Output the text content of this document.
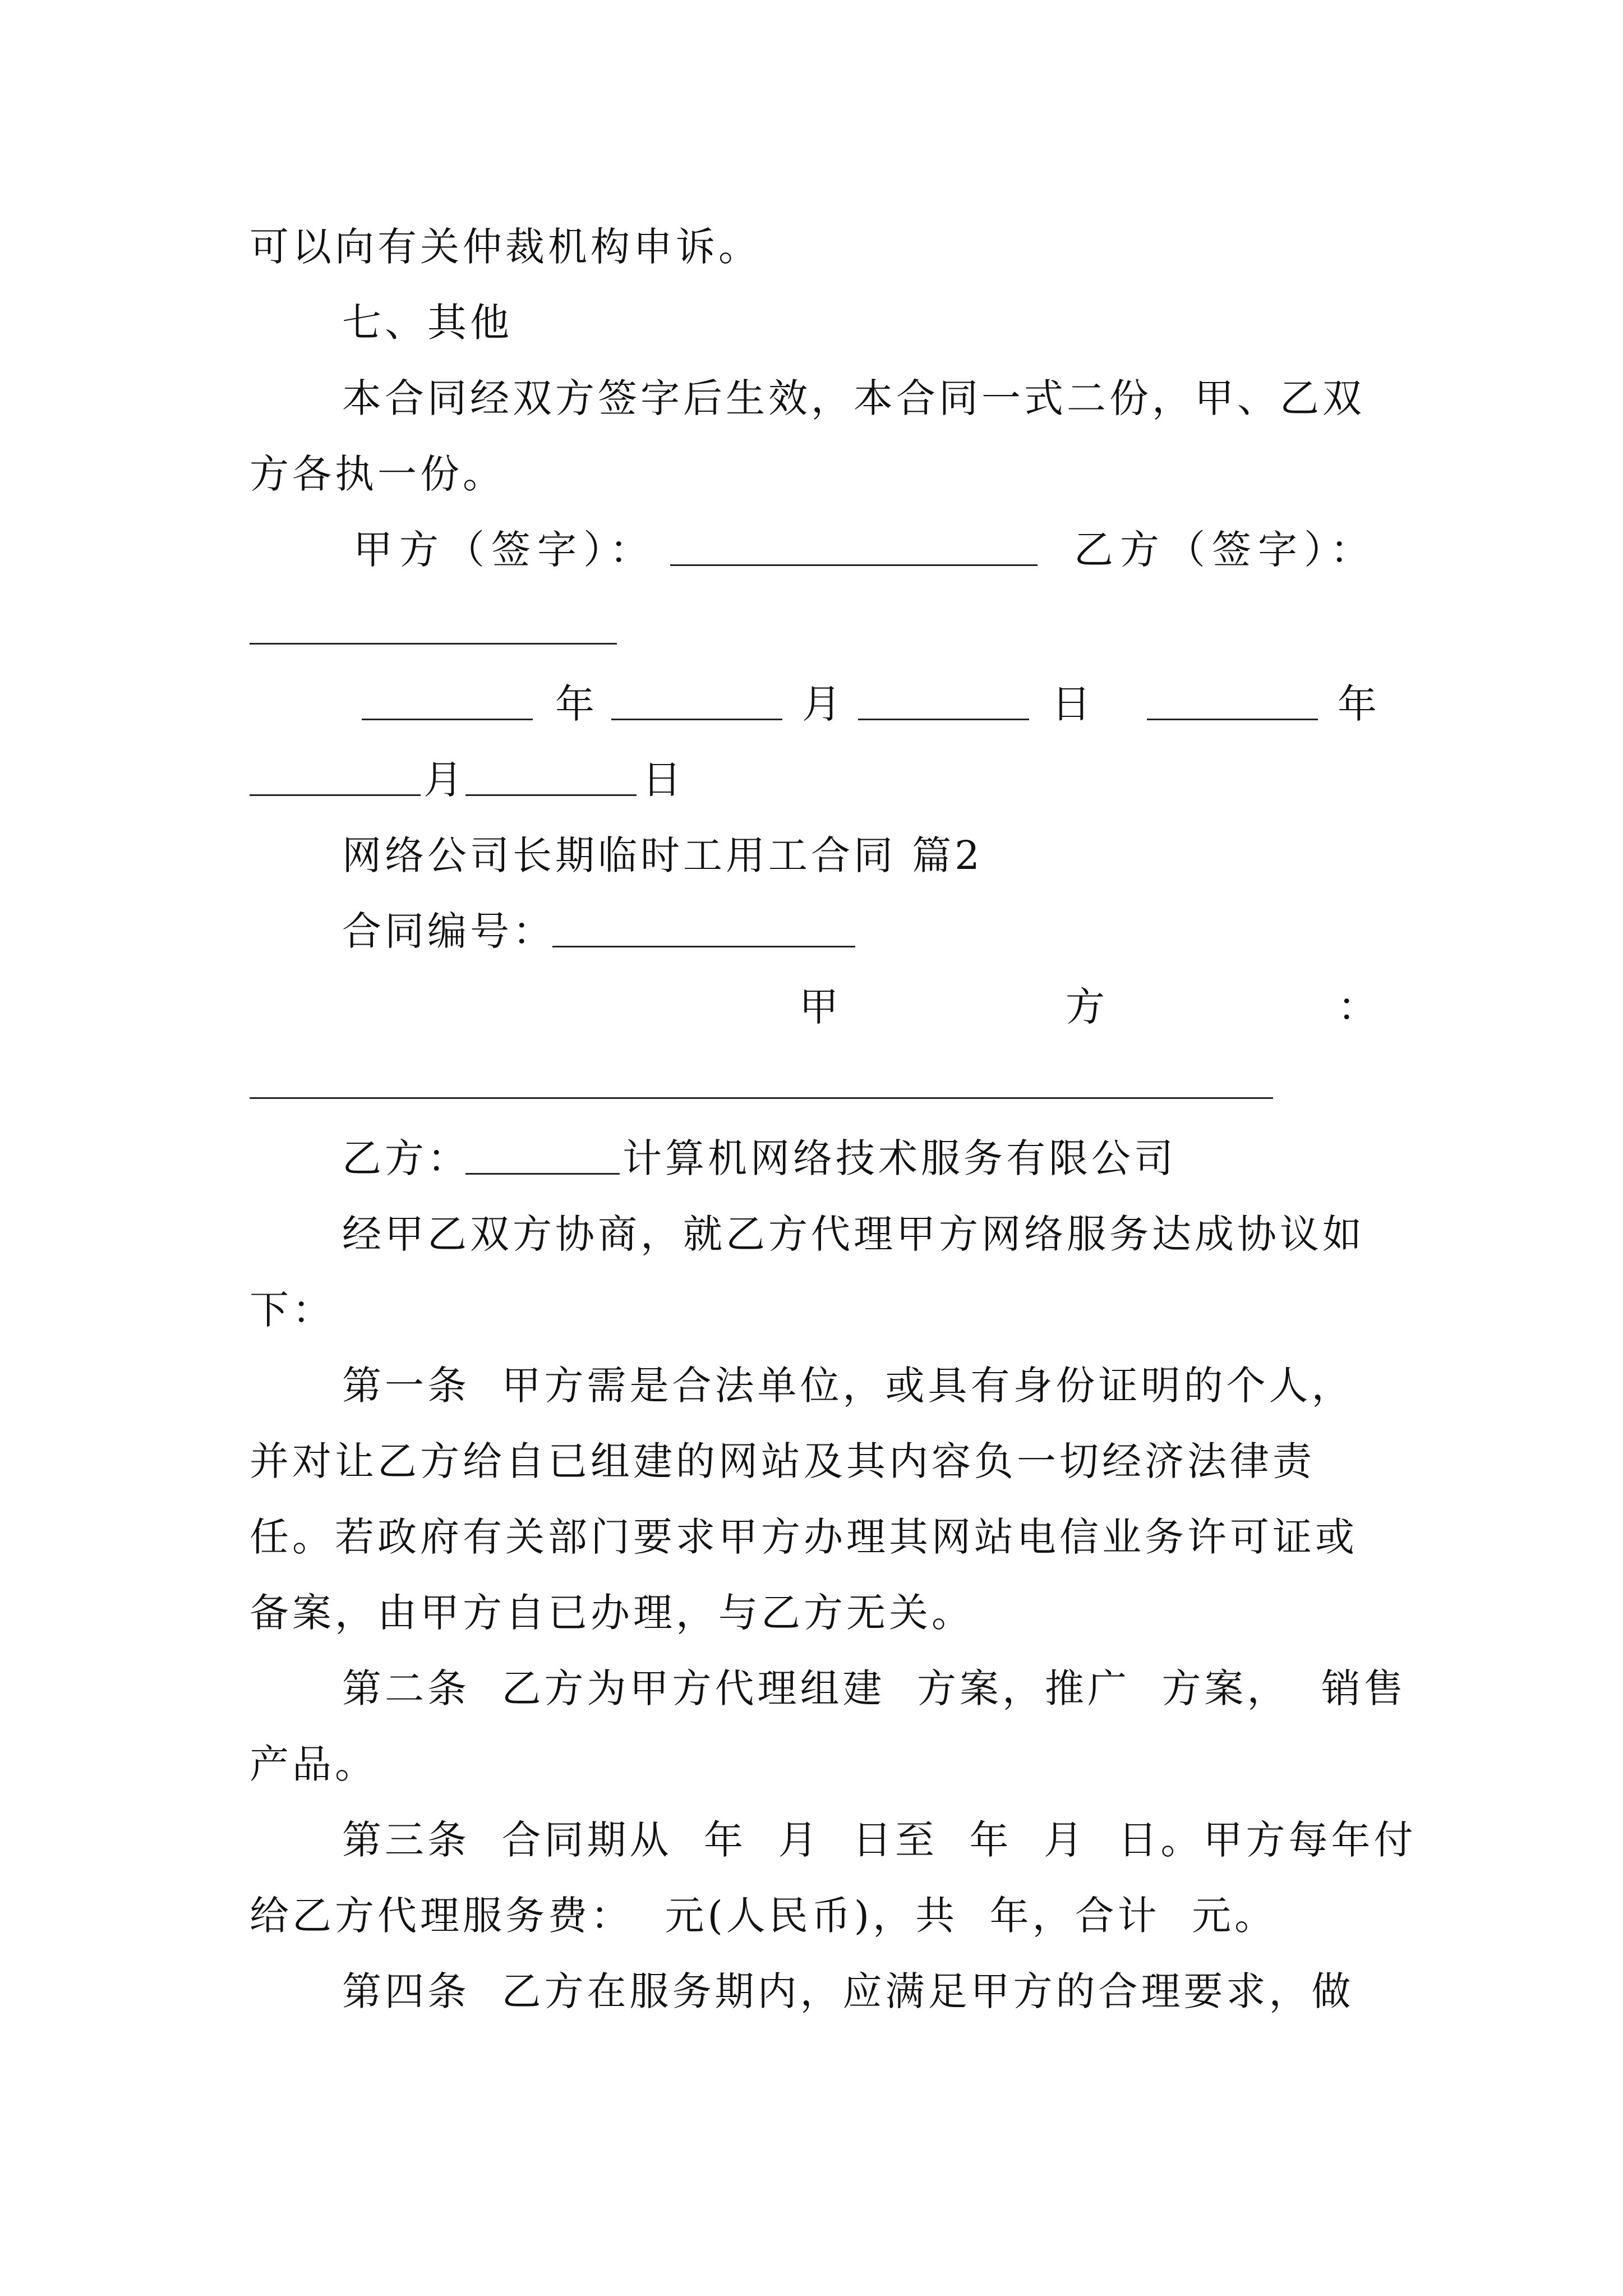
可以向有关仲裁机构申诉。
七、其他
本合同经双方签字后生效，本合同一式二份，甲、乙双
方各执一份。
甲方（签字）：	乙方（签字）：
年	月	日	年
月	日
网络公司长期临时工用工合同 篇2
合同编号：
甲	方	：
乙方：	计算机网络技术服务有限公司
经甲乙双方协商，就乙方代理甲方网络服务达成协议如
下：
第一条  甲方需是合法单位，或具有身份证明的个人，
并对让乙方给自已组建的网站及其内容负一切经济法律责
任。若政府有关部门要求甲方办理其网站电信业务许可证或
备案，由甲方自已办理，与乙方无关。
第二条  乙方为甲方代理组建  方案，推广  方案，  销售
产品。
第三条  合同期从  年  月  日至  年  月  日。甲方每年付
给乙方代理服务费：  元(人民币)，共  年，合计  元。
第四条  乙方在服务期内，应满足甲方的合理要求，做
